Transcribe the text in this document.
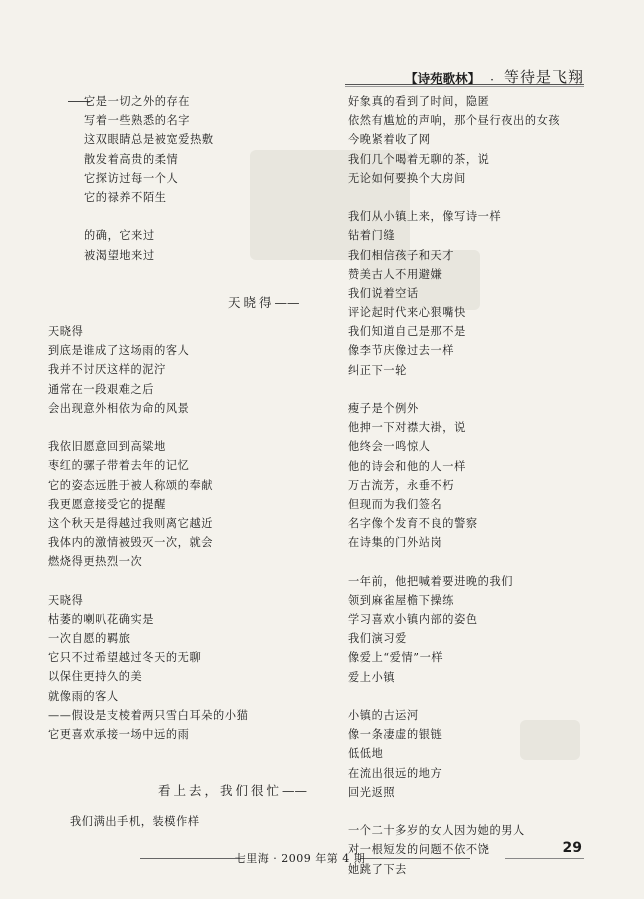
【诗苑歌林】 · 等待是飞翔
它是一切之外的存在
写着一些熟悉的名字
这双眼睛总是被宽爱热敷
散发着高贵的柔情
它探访过每一个人
它的禄养不陌生
的确，它来过
被渴望地来过
天晓得——
天晓得
到底是谁成了这场雨的客人
我并不讨厌这样的泥泞
通常在一段艰难之后
会出现意外相依为命的风景
我依旧愿意回到高粱地
枣红的骡子带着去年的记忆
它的姿态远胜于被人称颂的奉献
我更愿意接受它的提醒
这个秋天是得越过我则离它越近
我体内的激情被毁灭一次，就会
燃烧得更热烈一次
天晓得
枯萎的喇叭花确实是
一次自愿的羁旅
它只不过希望越过冬天的无聊
以保住更持久的美
就像雨的客人
——假设是支棱着两只雪白耳朵的小猫
它更喜欢承接一场中远的雨
看上去，我们很忙——
我们满出手机，装模作样
好象真的看到了时间，隐匿
依然有尴尬的声响，那个昼行夜出的女孩
今晚紧着收了网
我们几个喝着无聊的茶，说
无论如何要换个大房间
我们从小镇上来，像写诗一样
钻着门缝
我们相信孩子和天才
赞美古人不用避嫌
我们说着空话
评论起时代来心狠嘴快
我们知道自己是那不是
像李节庆像过去一样
纠正下一轮
瘦子是个例外
他抻一下对襟大褂，说
他终会一鸣惊人
他的诗会和他的人一样
万古流芳，永垂不朽
但现而为我们签名
名字像个发育不良的警察
在诗集的门外站岗
一年前，他把喊着要进晚的我们
领到麻雀屋檐下操练
学习喜欢小镇内部的姿色
我们演习爱
像爱上“爱情”一样
爱上小镇
小镇的古运河
像一条凄虚的银链
低低地
在流出很远的地方
回光返照
一个二十多岁的女人因为她的男人
对一根短发的问题不依不饶
她跳了下去
七里海 · 2009 年第 4 期
29
